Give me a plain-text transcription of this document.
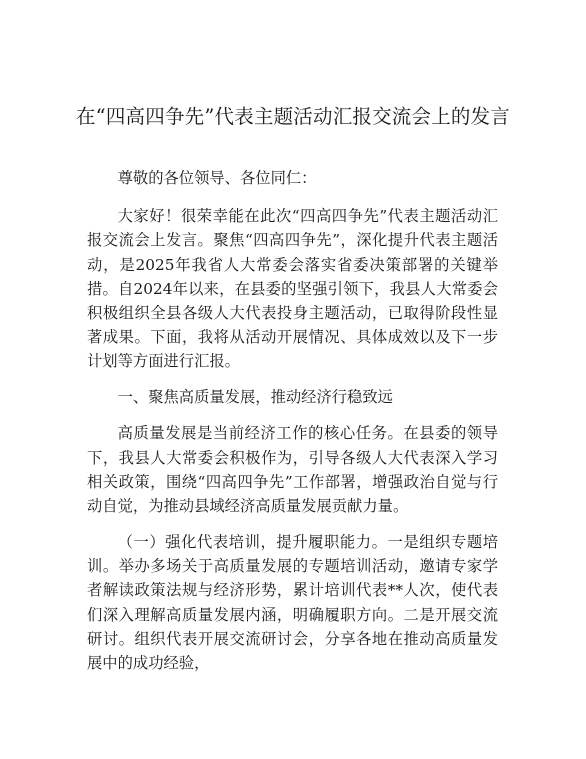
在“四高四争先”代表主题活动汇报交流会上的发言

尊敬的各位领导、各位同仁：

大家好！很荣幸能在此次“四高四争先”代表主题活动汇报交流会上发言。聚焦“四高四争先”，深化提升代表主题活动，是2025年我省人大常委会落实省委决策部署的关键举措。自2024年以来，在县委的坚强引领下，我县人大常委会积极组织全县各级人大代表投身主题活动，已取得阶段性显著成果。下面，我将从活动开展情况、具体成效以及下一步计划等方面进行汇报。

一、聚焦高质量发展，推动经济行稳致远

高质量发展是当前经济工作的核心任务。在县委的领导下，我县人大常委会积极作为，引导各级人大代表深入学习相关政策，围绕“四高四争先”工作部署，增强政治自觉与行动自觉，为推动县域经济高质量发展贡献力量。

（一）强化代表培训，提升履职能力。一是组织专题培训。举办多场关于高质量发展的专题培训活动，邀请专家学者解读政策法规与经济形势，累计培训代表**人次，使代表们深入理解高质量发展内涵，明确履职方向。二是开展交流研讨。组织代表开展交流研讨会，分享各地在推动高质量发展中的成功经验，
